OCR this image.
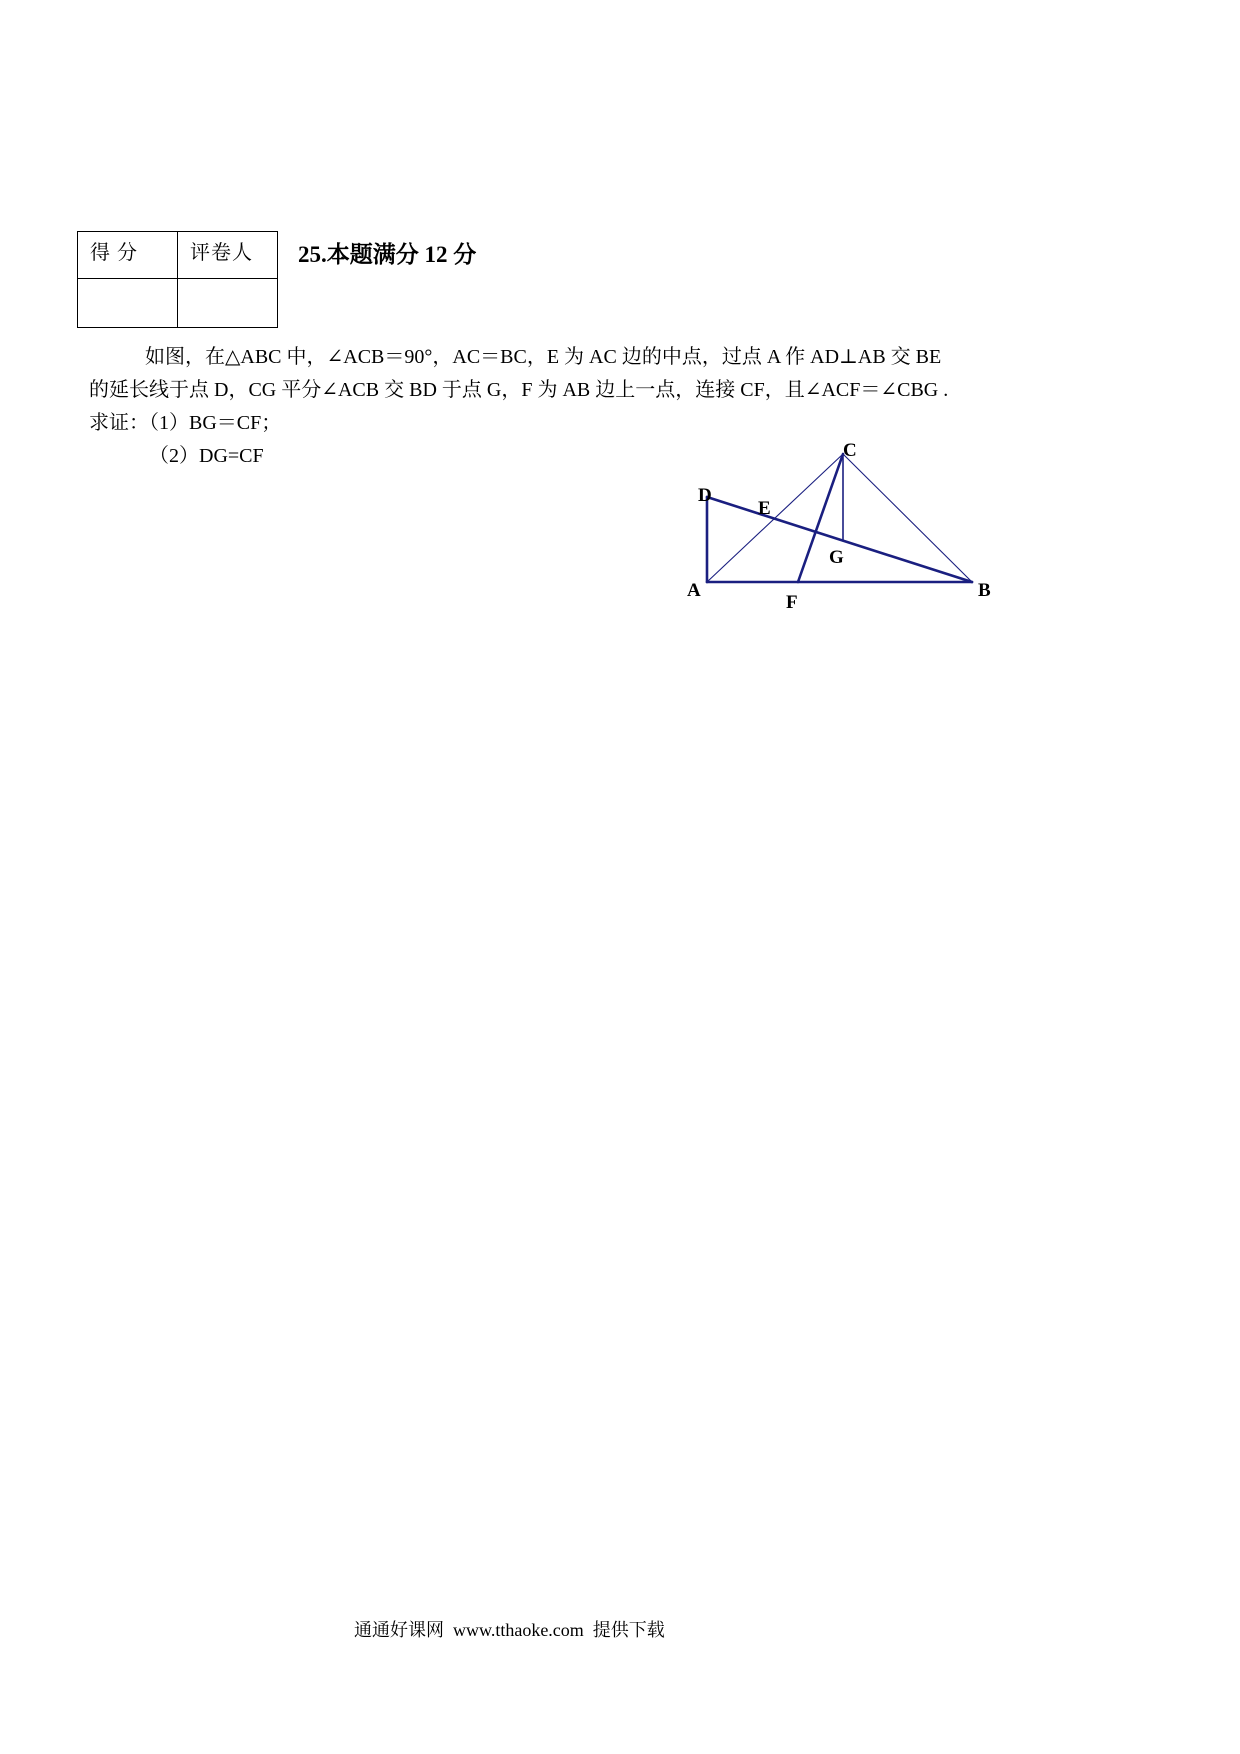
得 分	评卷人

		25.本题满分 12 分
如图，在△ABC 中，∠ACB＝90°，AC＝BC，E 为 AC 边的中点，过点 A 作 AD⊥AB 交 BE 的延长线于点 D，CG 平分∠ACB 交 BD 于点 G，F 为 AB 边上一点，连接 CF，且∠ACF＝∠CBG .
求证：（1）BG＝CF；
（2）DG=CF	C
D
E
G
A
F
B
通通好课网  www.tthaoke.com  提供下载
